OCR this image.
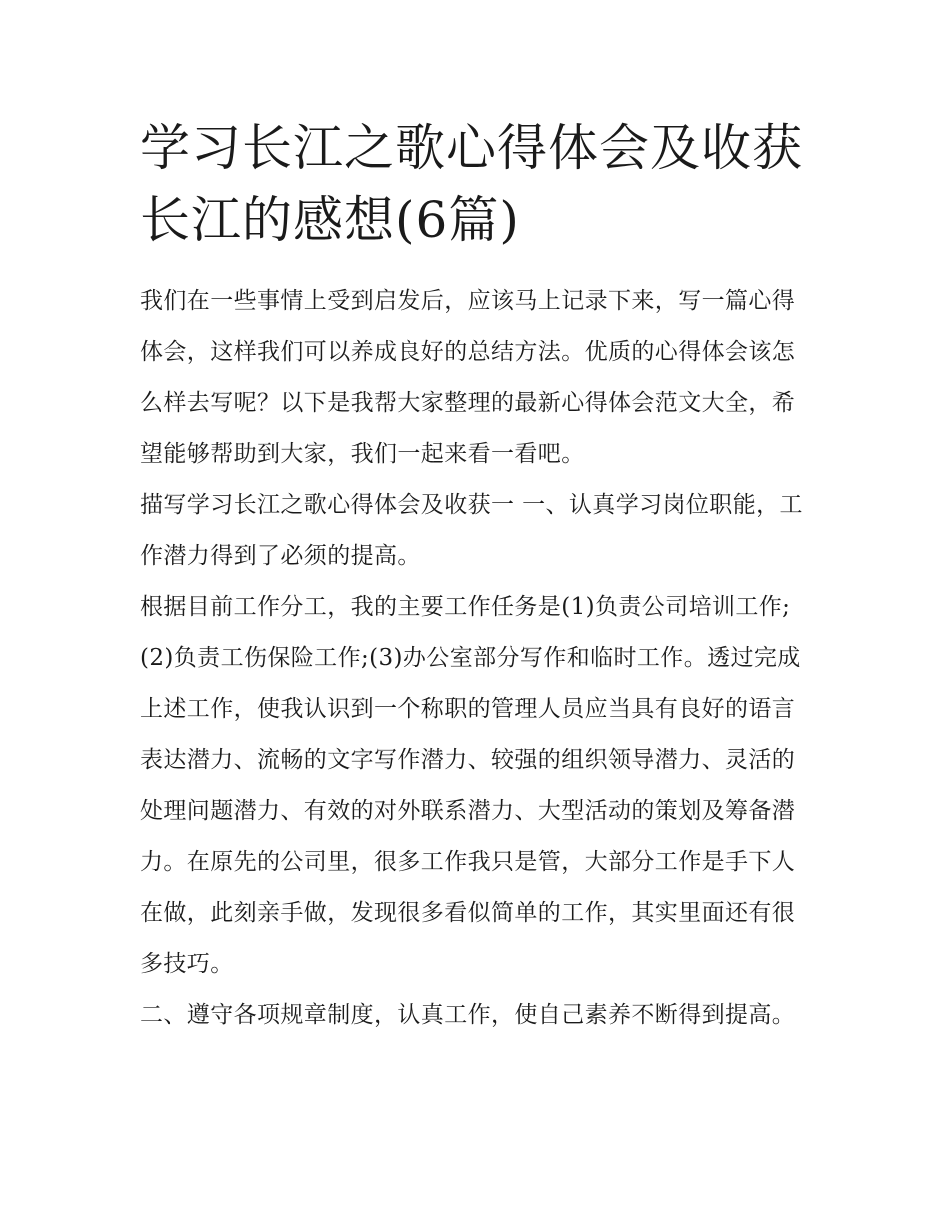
学习长江之歌心得体会及收获长江的感想(6篇)

我们在一些事情上受到启发后，应该马上记录下来，写一篇心得体会，这样我们可以养成良好的总结方法。优质的心得体会该怎么样去写呢？以下是我帮大家整理的最新心得体会范文大全，希望能够帮助到大家，我们一起来看一看吧。

描写学习长江之歌心得体会及收获一 一、认真学习岗位职能，工作潜力得到了必须的提高。

根据目前工作分工，我的主要工作任务是(1)负责公司培训工作;(2)负责工伤保险工作;(3)办公室部分写作和临时工作。透过完成上述工作，使我认识到一个称职的管理人员应当具有良好的语言表达潜力、流畅的文字写作潜力、较强的组织领导潜力、灵活的处理问题潜力、有效的对外联系潜力、大型活动的策划及筹备潜力。在原先的公司里，很多工作我只是管，大部分工作是手下人在做，此刻亲手做，发现很多看似简单的工作，其实里面还有很多技巧。

二、遵守各项规章制度，认真工作，使自己素养不断得到提高。
